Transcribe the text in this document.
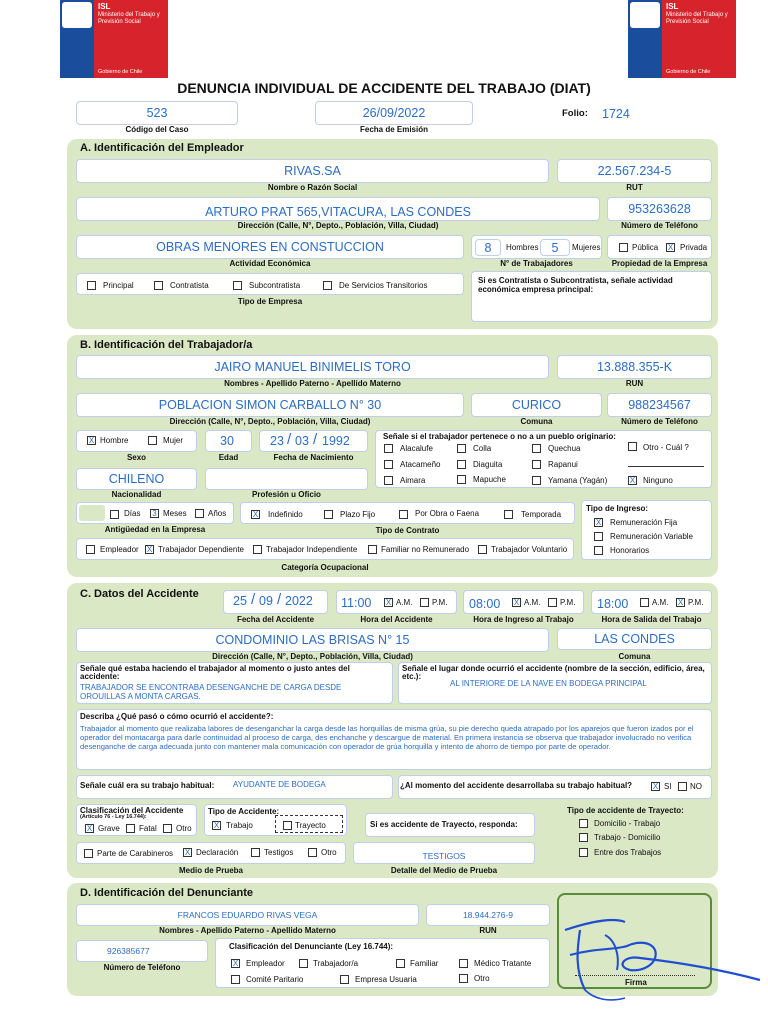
ISL
Ministerio del Trabajo y Previsión Social
Gobierno de Chile
ISL
Ministerio del Trabajo y Previsión Social
Gobierno de Chile
DENUNCIA INDIVIDUAL DE ACCIDENTE DEL TRABAJO (DIAT)
523
Código del Caso
26/09/2022
Fecha de Emisión
Folio: 1724
A. Identificación del Empleador
RIVAS.SA
Nombre o Razón Social
22.567.234-5
RUT
ARTURO PRAT 565,VITACURA, LAS CONDES
Dirección (Calle, N°, Depto., Población, Villa, Ciudad)
953263628
Número de Teléfono
OBRAS MENORES EN CONSTUCCION
Actividad Económica
8	Hombres	5	Mujeres
N° de Trabajadores
Pública X Privada
Propiedad de la Empresa
Principal	Contratista	Subcontratista	De Servicios Transitorios
Tipo de Empresa
Si es Contratista o Subcontratista, señale actividad económica empresa principal:
B. Identificación del Trabajador/a
JAIRO MANUEL BINIMELIS TORO
Nombres - Apellido Paterno - Apellido Materno
13.888.355-K
RUN
POBLACION SIMON CARBALLO N° 30
Dirección (Calle, N°, Depto., Población, Villa, Ciudad)
CURICO
Comuna
988234567
Número de Teléfono
X Hombre	Mujer
Sexo
30
Edad
23 / 03 / 1992
Fecha de Nacimiento
Señale si el trabajador pertenece o no a un pueblo originario:
Alacalufe	Colla	Quechua	Otro - Cuál ?
Atacameño	Diaguita	Rapanui
Aimara	Mapuche	Yamana (Yagán)	X Ninguno
CHILENO
Nacionalidad	Profesión u Oficio
Días 3 Meses	Años
Antigüedad en la Empresa
X Indefinido	Plazo Fijo	Por Obra o Faena	Temporada
Tipo de Contrato
Tipo de Ingreso:
X Remuneración Fija
Remuneración Variable
Honorarios
Empleador X Trabajador Dependiente	Trabajador Independiente	Familiar no Remunerado	Trabajador Voluntario
Categoría Ocupacional
C. Datos del Accidente	25 / 09 / 2022
Fecha del Accidente
11:00 X A.M. P.M.
Hora del Accidente
08:00 X A.M. P.M.
Hora de Ingreso al Trabajo
18:00	A.M. X P.M.
Hora de Salida del Trabajo
CONDOMINIO LAS BRISAS N° 15
Dirección (Calle, N°, Depto., Población, Villa, Ciudad)
LAS CONDES
Comuna
Señale qué estaba haciendo el trabajador al momento o justo antes del accidente:
TRABAJADOR SE ENCONTRABA DESENGANCHE DE CARGA DESDE OROUILLAS A MONTA CARGAS.
Señale el lugar donde ocurrió el accidente (nombre de la sección, edificio, área, etc.):
AL INTERIORE DE LA NAVE EN BODEGA PRINCIPAL
Describa ¿Qué pasó o cómo ocurrió el accidente?:
Trabajador al momento que realizaba labores de desenganchar la carga desde las horquillas de misma grúa, su pie derecho queda atrapado por los aparejos que fueron izados por el operador del montacarga para darle continuidad al proceso de carga, des enchanche y descargue de material. En primera instancia se observa que trabajador involucrado no verifica desenganche de carga adecuada junto con mantener mala comunicación con operador de grúa horquilla y intento de ahorro de tiempo por parte de operador.
Señale cuál era su trabajo habitual: AYUDANTE DE BODEGA	¿Al momento del accidente desarrollaba su trabajo habitual?	X SI NO
Clasificación del Accidente
(Artículo 76 - Ley 16.744):
X Grave Fatal Otro
Tipo de Accidente:
X Trabajo	Trayecto	Si es accidente de Trayecto, responda:
Tipo de accidente de Trayecto:
Domicilio - Trabajo
Trabajo - Domicilio
Entre dos Trabajos
Parte de Carabineros X Declaración	Testigos	Otro
Medio de Prueba
TESTIGOS
Detalle del Medio de Prueba
D. Identificación del Denunciante
FRANCOS EDUARDO RIVAS VEGA
Nombres - Apellido Paterno - Apellido Materno
18.944.276-9
RUN
926385677
Número de Teléfono
Clasificación del Denunciante (Ley 16.744):
X Empleador	Trabajador/a	Familiar	Médico Tratante
Comité Paritario	Empresa Usuaria	Otro	Firma
